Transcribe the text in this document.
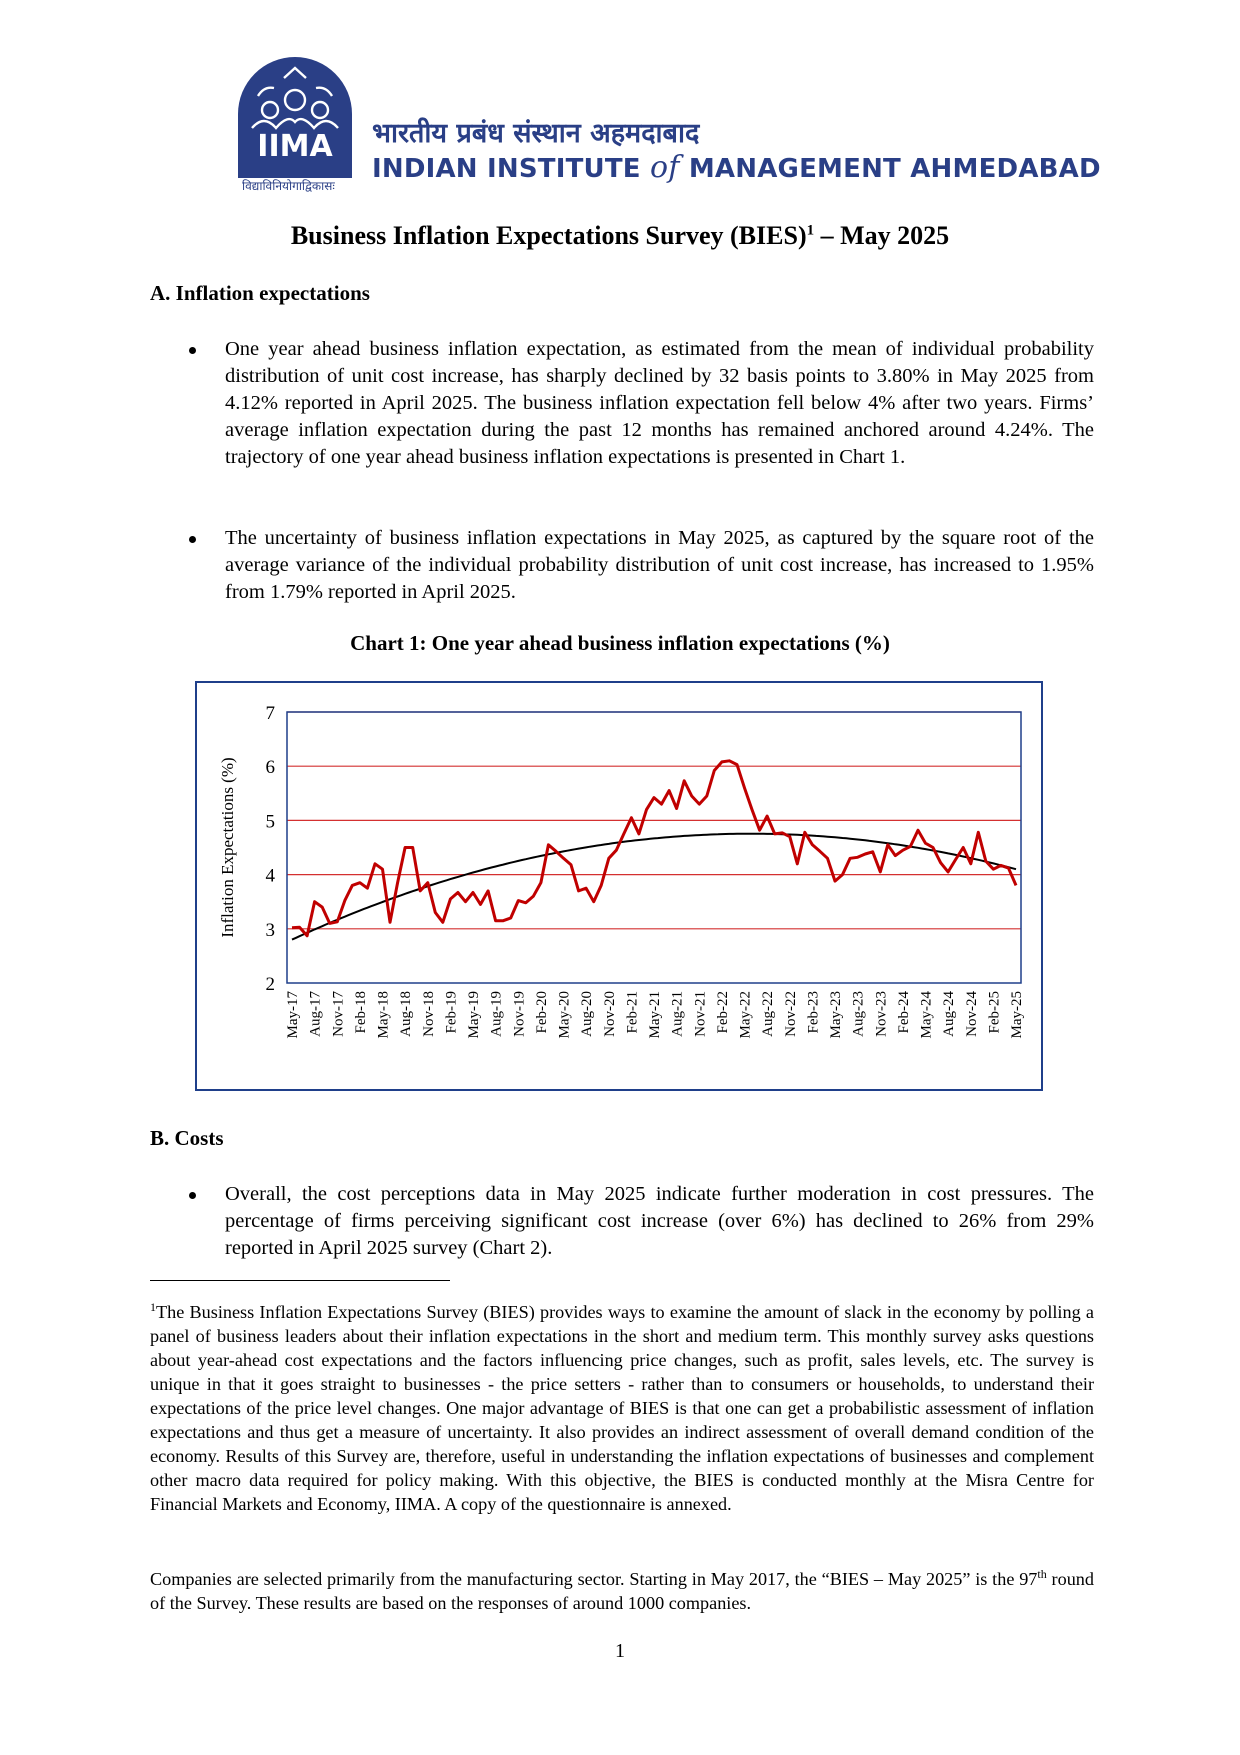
IIMA भारतीय प्रबंध संस्थान अहमदाबाद
INDIAN INSTITUTE of MANAGEMENT AHMEDABAD
विद्याविनियोगाद्विकासः
Business Inflation Expectations Survey (BIES)$^1$ – May 2025
A. Inflation expectations
One year ahead business inflation expectation, as estimated from the mean of individual probability distribution of unit cost increase, has sharply declined by 32 basis points to 3.80% in May 2025 from 4.12% reported in April 2025. The business inflation expectation fell below 4% after two years. Firms’ average inflation expectation during the past 12 months has remained anchored around 4.24%. The trajectory of one year ahead business inflation expectations is presented in Chart 1.
The uncertainty of business inflation expectations in May 2025, as captured by the square root of the average variance of the individual probability distribution of unit cost increase, has increased to 1.95% from 1.79% reported in April 2025.
Chart 1: One year ahead business inflation expectations (%)
2
3
4
5
6
7
Inflation Expectations (%)
May-17 Aug-17 Nov-17 Feb-18 May-18 Aug-18 Nov-18 Feb-19 May-19 Aug-19 Nov-19 Feb-20 May-20 Aug-20 Nov-20 Feb-21 May-21 Aug-21 Nov-21 Feb-22 May-22 Aug-22 Nov-22 Feb-23 May-23 Aug-23 Nov-23 Feb-24 May-24 Aug-24 Nov-24 Feb-25 May-25
B. Costs
Overall, the cost perceptions data in May 2025 indicate further moderation in cost pressures. The percentage of firms perceiving significant cost increase (over 6%) has declined to 26% from 29% reported in April 2025 survey (Chart 2).
$^1$The Business Inflation Expectations Survey (BIES) provides ways to examine the amount of slack in the economy by polling a panel of business leaders about their inflation expectations in the short and medium term. This monthly survey asks questions about year-ahead cost expectations and the factors influencing price changes, such as profit, sales levels, etc. The survey is unique in that it goes straight to businesses - the price setters - rather than to consumers or households, to understand their expectations of the price level changes. One major advantage of BIES is that one can get a probabilistic assessment of inflation expectations and thus get a measure of uncertainty. It also provides an indirect assessment of overall demand condition of the economy. Results of this Survey are, therefore, useful in understanding the inflation expectations of businesses and complement other macro data required for policy making. With this objective, the BIES is conducted monthly at the Misra Centre for Financial Markets and Economy, IIMA. A copy of the questionnaire is annexed.
Companies are selected primarily from the manufacturing sector. Starting in May 2017, the “BIES – May 2025” is the 97th round of the Survey. These results are based on the responses of around 1000 companies.
1
